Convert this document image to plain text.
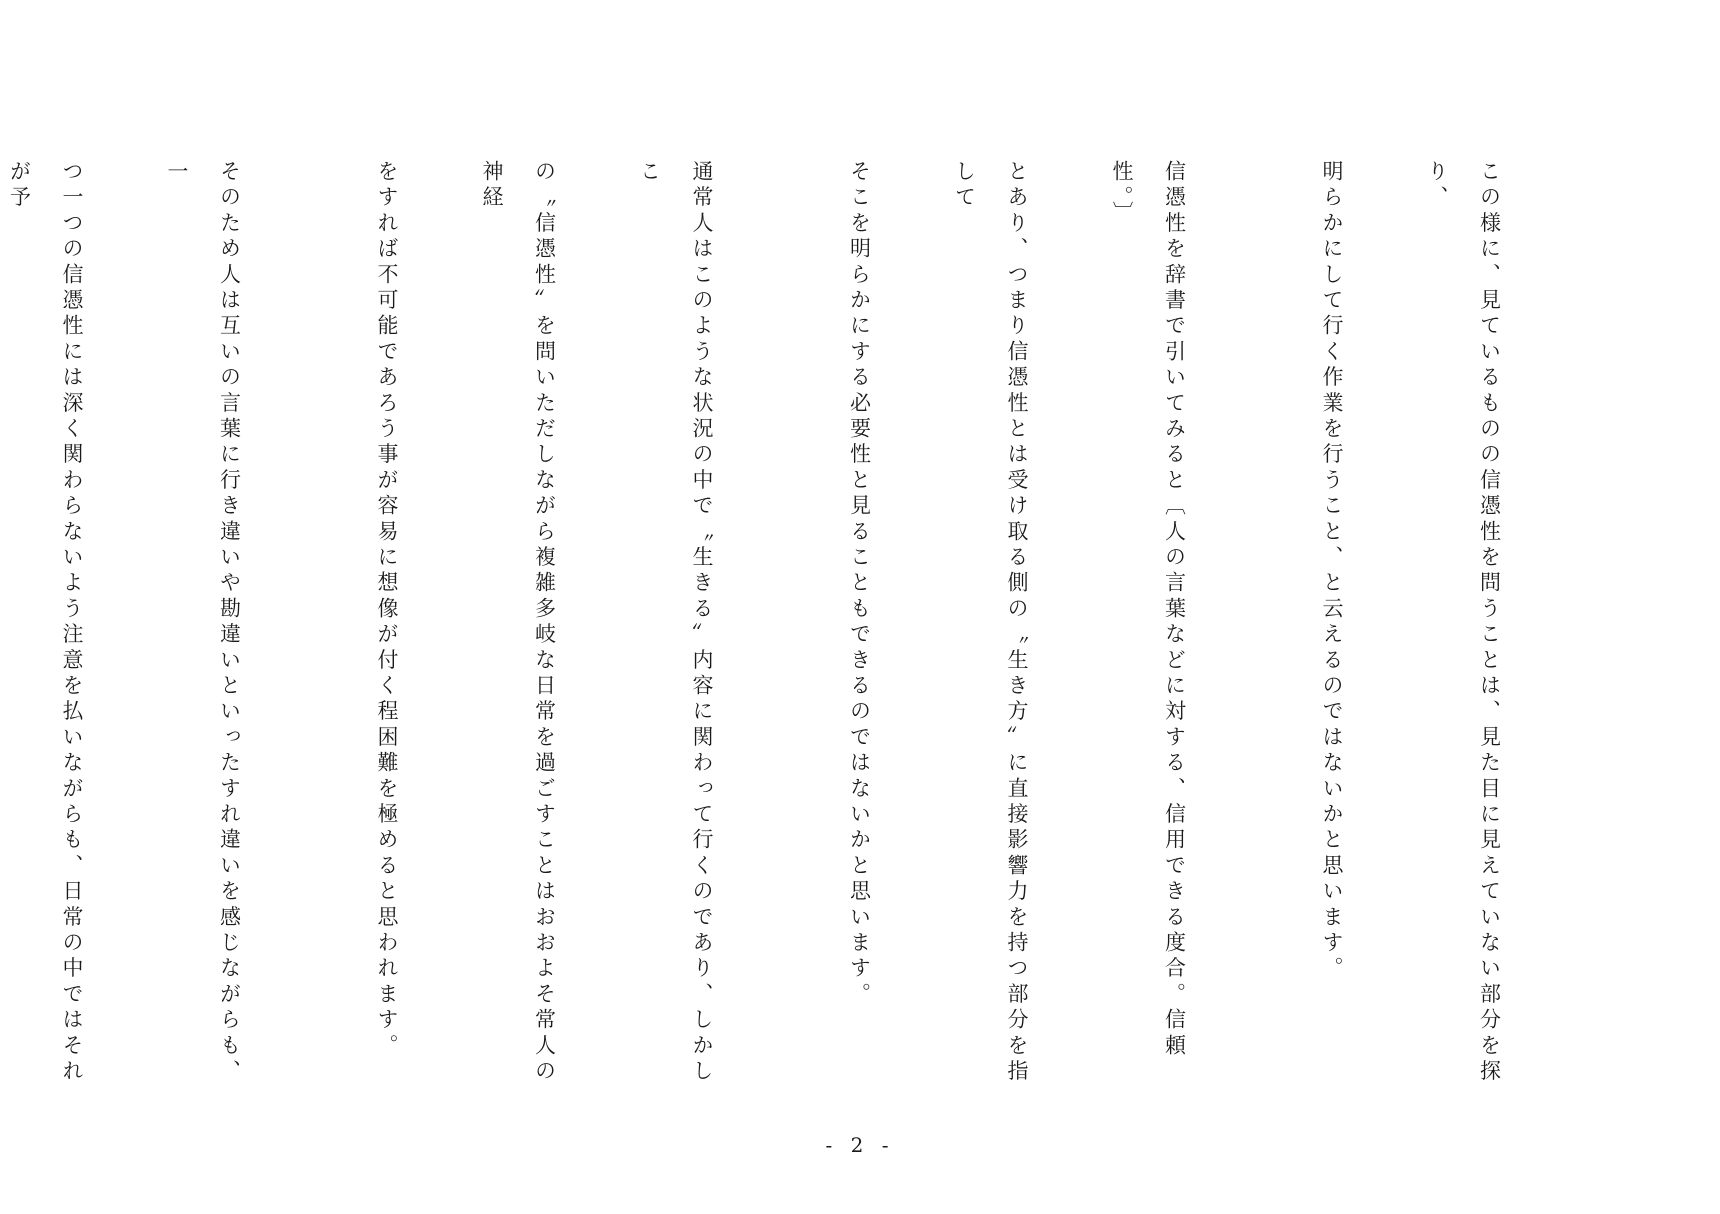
この様に、見ているものの信憑性を問うことは、見た目に見えていない部分を探り、

明らかにして行く作業を行うこと、と云えるのではないかと思います。

信憑性を辞書で引いてみると〔人の言葉などに対する、信用できる度合。信頼性。〕

とあり、つまり信憑性とは受け取る側の〝生き方〟に直接影響力を持つ部分を指して

そこを明らかにする必要性と見ることもできるのではないかと思います。

通常人はこのような状況の中で〝生きる〟内容に関わって行くのであり、しかしこ

の〝信憑性〟を問いただしながら複雑多岐な日常を過ごすことはおおよそ常人の神経

をすれば不可能であろう事が容易に想像が付く程困難を極めると思われます。

そのため人は互いの言葉に行き違いや勘違いといったすれ違いを感じながらも、一

つ一つの信憑性には深く関わらないよう注意を払いながらも、日常の中ではそれが予

- 2 -
